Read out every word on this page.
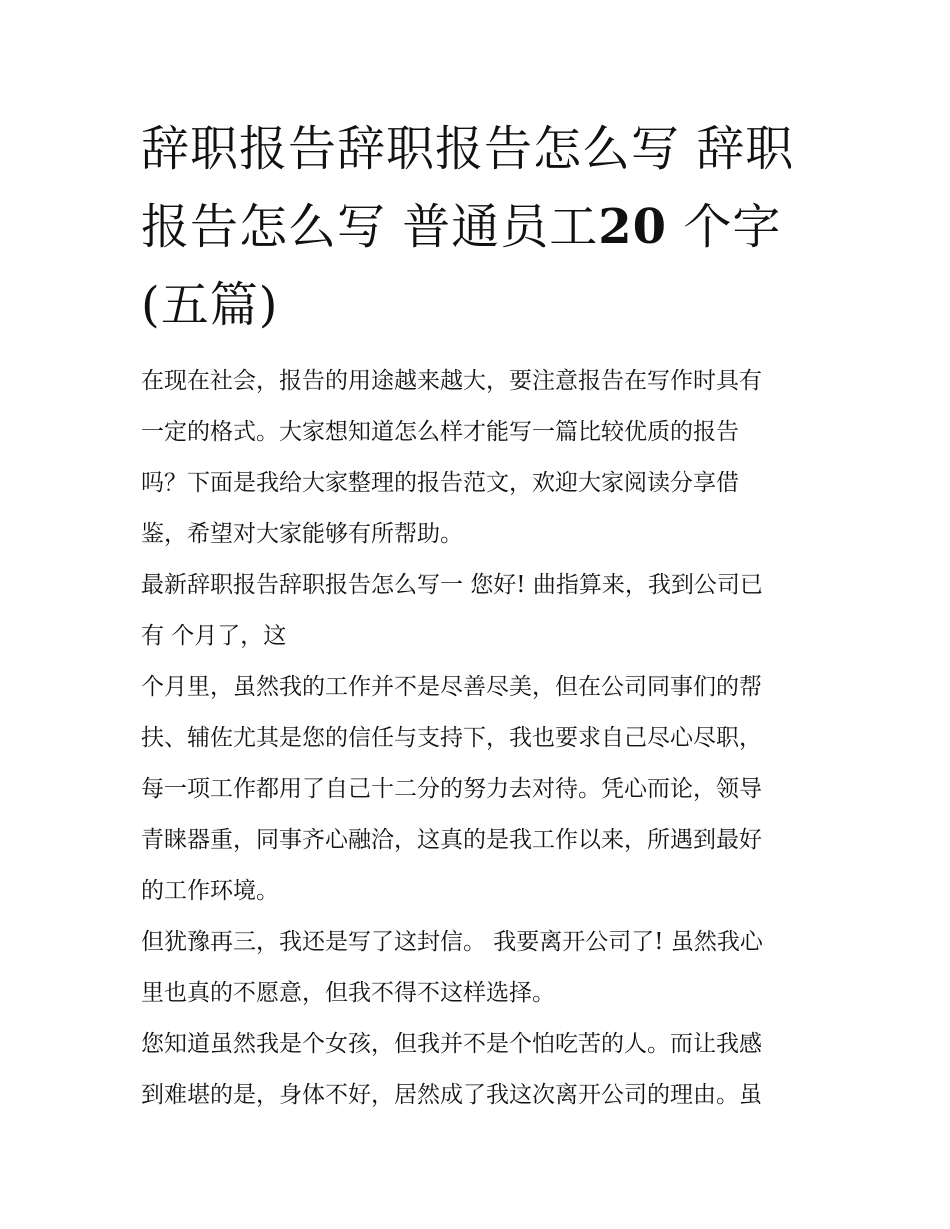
辞职报告辞职报告怎么写 辞职报告怎么写 普通员工20 个字(五篇)

在现在社会，报告的用途越来越大，要注意报告在写作时具有

一定的格式。大家想知道怎么样才能写一篇比较优质的报告

吗？下面是我给大家整理的报告范文，欢迎大家阅读分享借

鉴，希望对大家能够有所帮助。

最新辞职报告辞职报告怎么写一 您好! 曲指算来，我到公司已

有 个月了，这

个月里，虽然我的工作并不是尽善尽美，但在公司同事们的帮

扶、辅佐尤其是您的信任与支持下，我也要求自己尽心尽职，

每一项工作都用了自己十二分的努力去对待。凭心而论，领导

青睐器重，同事齐心融洽，这真的是我工作以来，所遇到最好

的工作环境。

但犹豫再三，我还是写了这封信。 我要离开公司了! 虽然我心

里也真的不愿意，但我不得不这样选择。

您知道虽然我是个女孩，但我并不是个怕吃苦的人。而让我感

到难堪的是，身体不好，居然成了我这次离开公司的理由。虽
